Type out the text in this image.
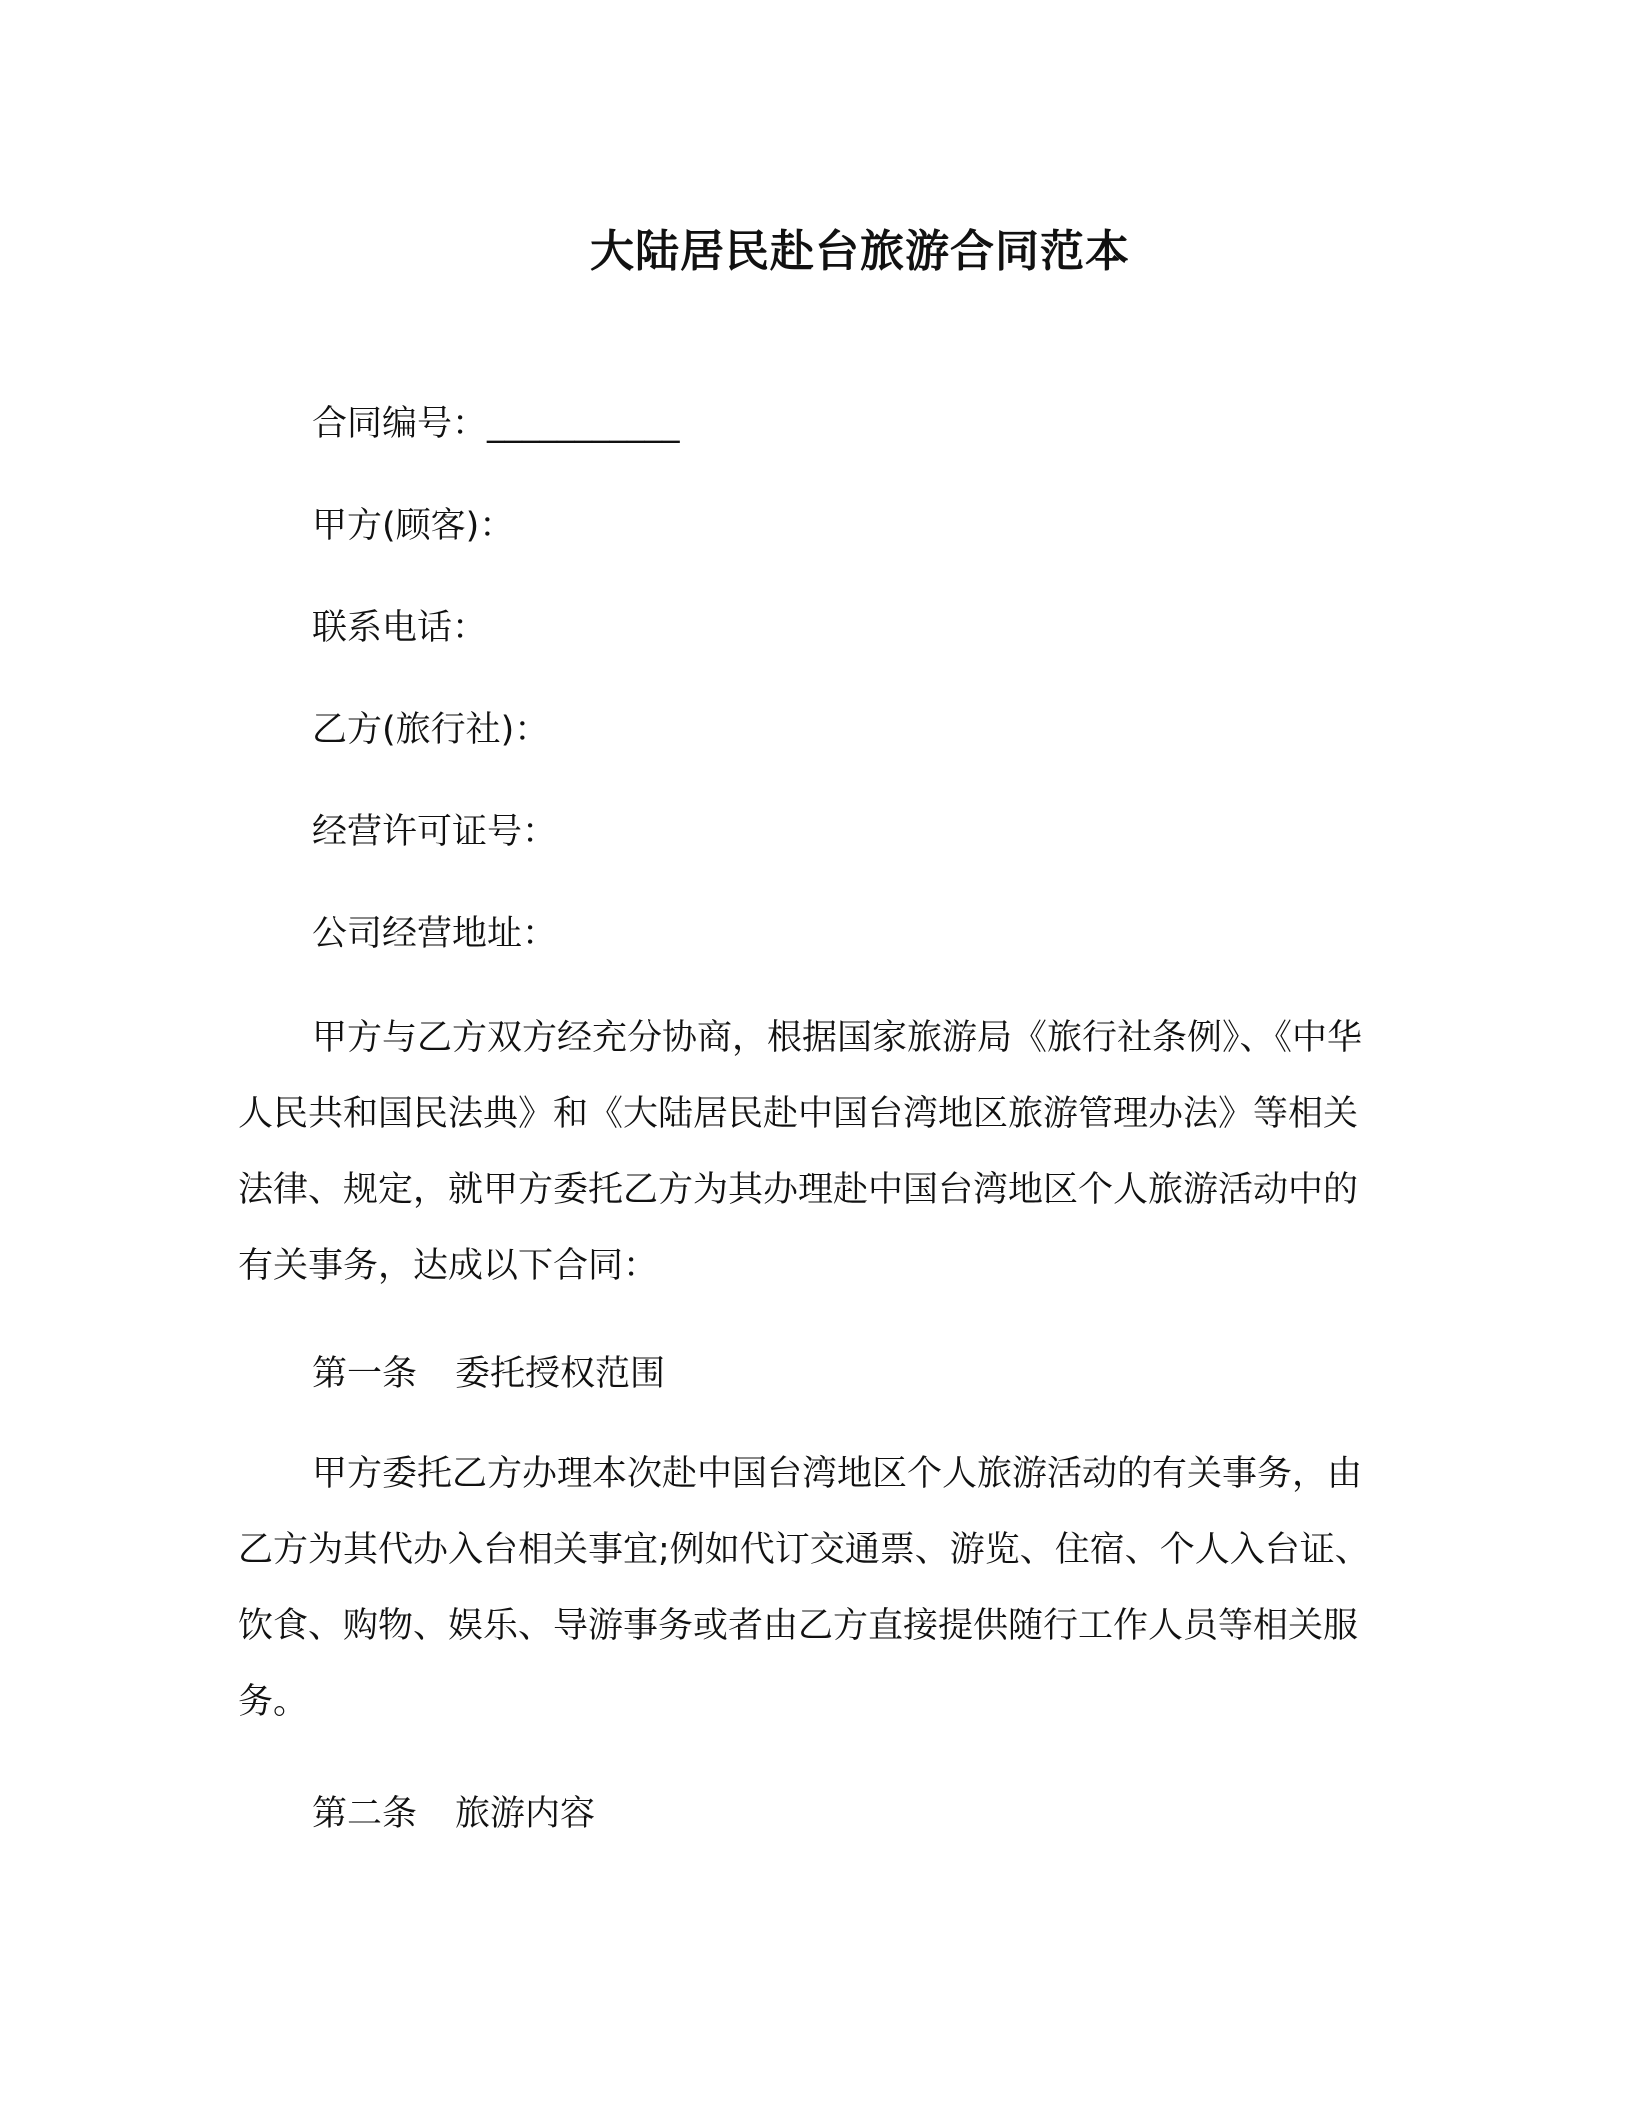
大陆居民赴台旅游合同范本
合同编号：___________
甲方(顾客)：
联系电话：
乙方(旅行社)：
经营许可证号：
公司经营地址：

甲方与乙方双方经充分协商，根据国家旅游局《旅行社条例》、《中华人民共和国民法典》和《大陆居民赴中国台湾地区旅游管理办法》等相关法律、规定，就甲方委托乙方为其办理赴中国台湾地区个人旅游活动中的有关事务，达成以下合同：

第一条 委托授权范围

甲方委托乙方办理本次赴中国台湾地区个人旅游活动的有关事务，由乙方为其代办入台相关事宜;例如代订交通票、游览、住宿、个人入台证、饮食、购物、娱乐、导游事务或者由乙方直接提供随行工作人员等相关服务。

第二条 旅游内容
